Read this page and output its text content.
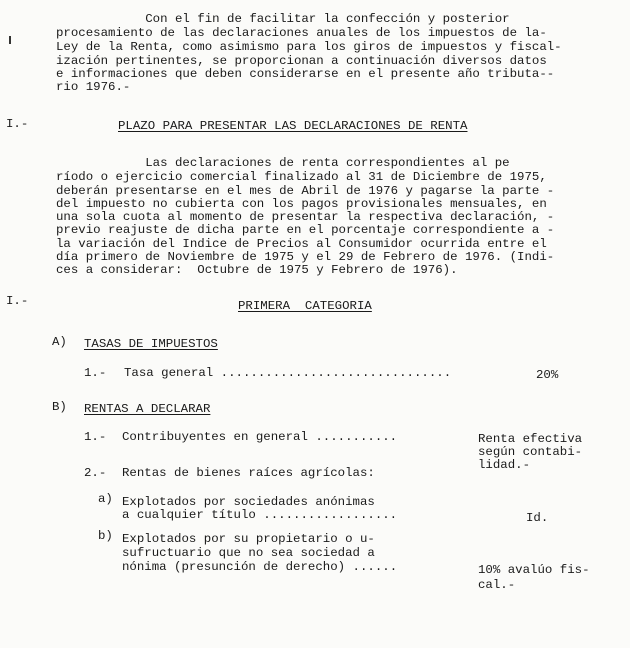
Con el fin de facilitar la confección y posterior
procesamiento de las declaraciones anuales de los impuestos de la-
Ley de la Renta, como asimismo para los giros de impuestos y fiscal-
ización pertinentes, se proporcionan a continuación diversos datos
e informaciones que deben considerarse en el presente año tributa--
rio 1976.-
I.-	PLAZO PARA PRESENTAR LAS DECLARACIONES DE RENTA
Las declaraciones de renta correspondientes al pe
ríodo o ejercicio comercial finalizado al 31 de Diciembre de 1975,
deberán presentarse en el mes de Abril de 1976 y pagarse la parte -
del impuesto no cubierta con los pagos provisionales mensuales, en
una sola cuota al momento de presentar la respectiva declaración, -
previo reajuste de dicha parte en el porcentaje correspondiente a -
la variación del Indice de Precios al Consumidor ocurrida entre el
día primero de Noviembre de 1975 y el 29 de Febrero de 1976. (Indi-
ces a considerar:  Octubre de 1975 y Febrero de 1976).
I.-	PRIMERA  CATEGORIA
A) TASAS DE IMPUESTOS
1.- Tasa general ...............................	20%
B) RENTAS A DECLARAR
1.- Contribuyentes en general ...........	Renta efectiva
según contabi-
lidad.-
2.- Rentas de bienes raíces agrícolas:
a) Explotados por sociedades anónimas
a cualquier título ..................	Id.
b) Explotados por su propietario o u-
sufructuario que no sea sociedad a
nónima (presunción de derecho) ......	10% avalúo fis-
cal.-
